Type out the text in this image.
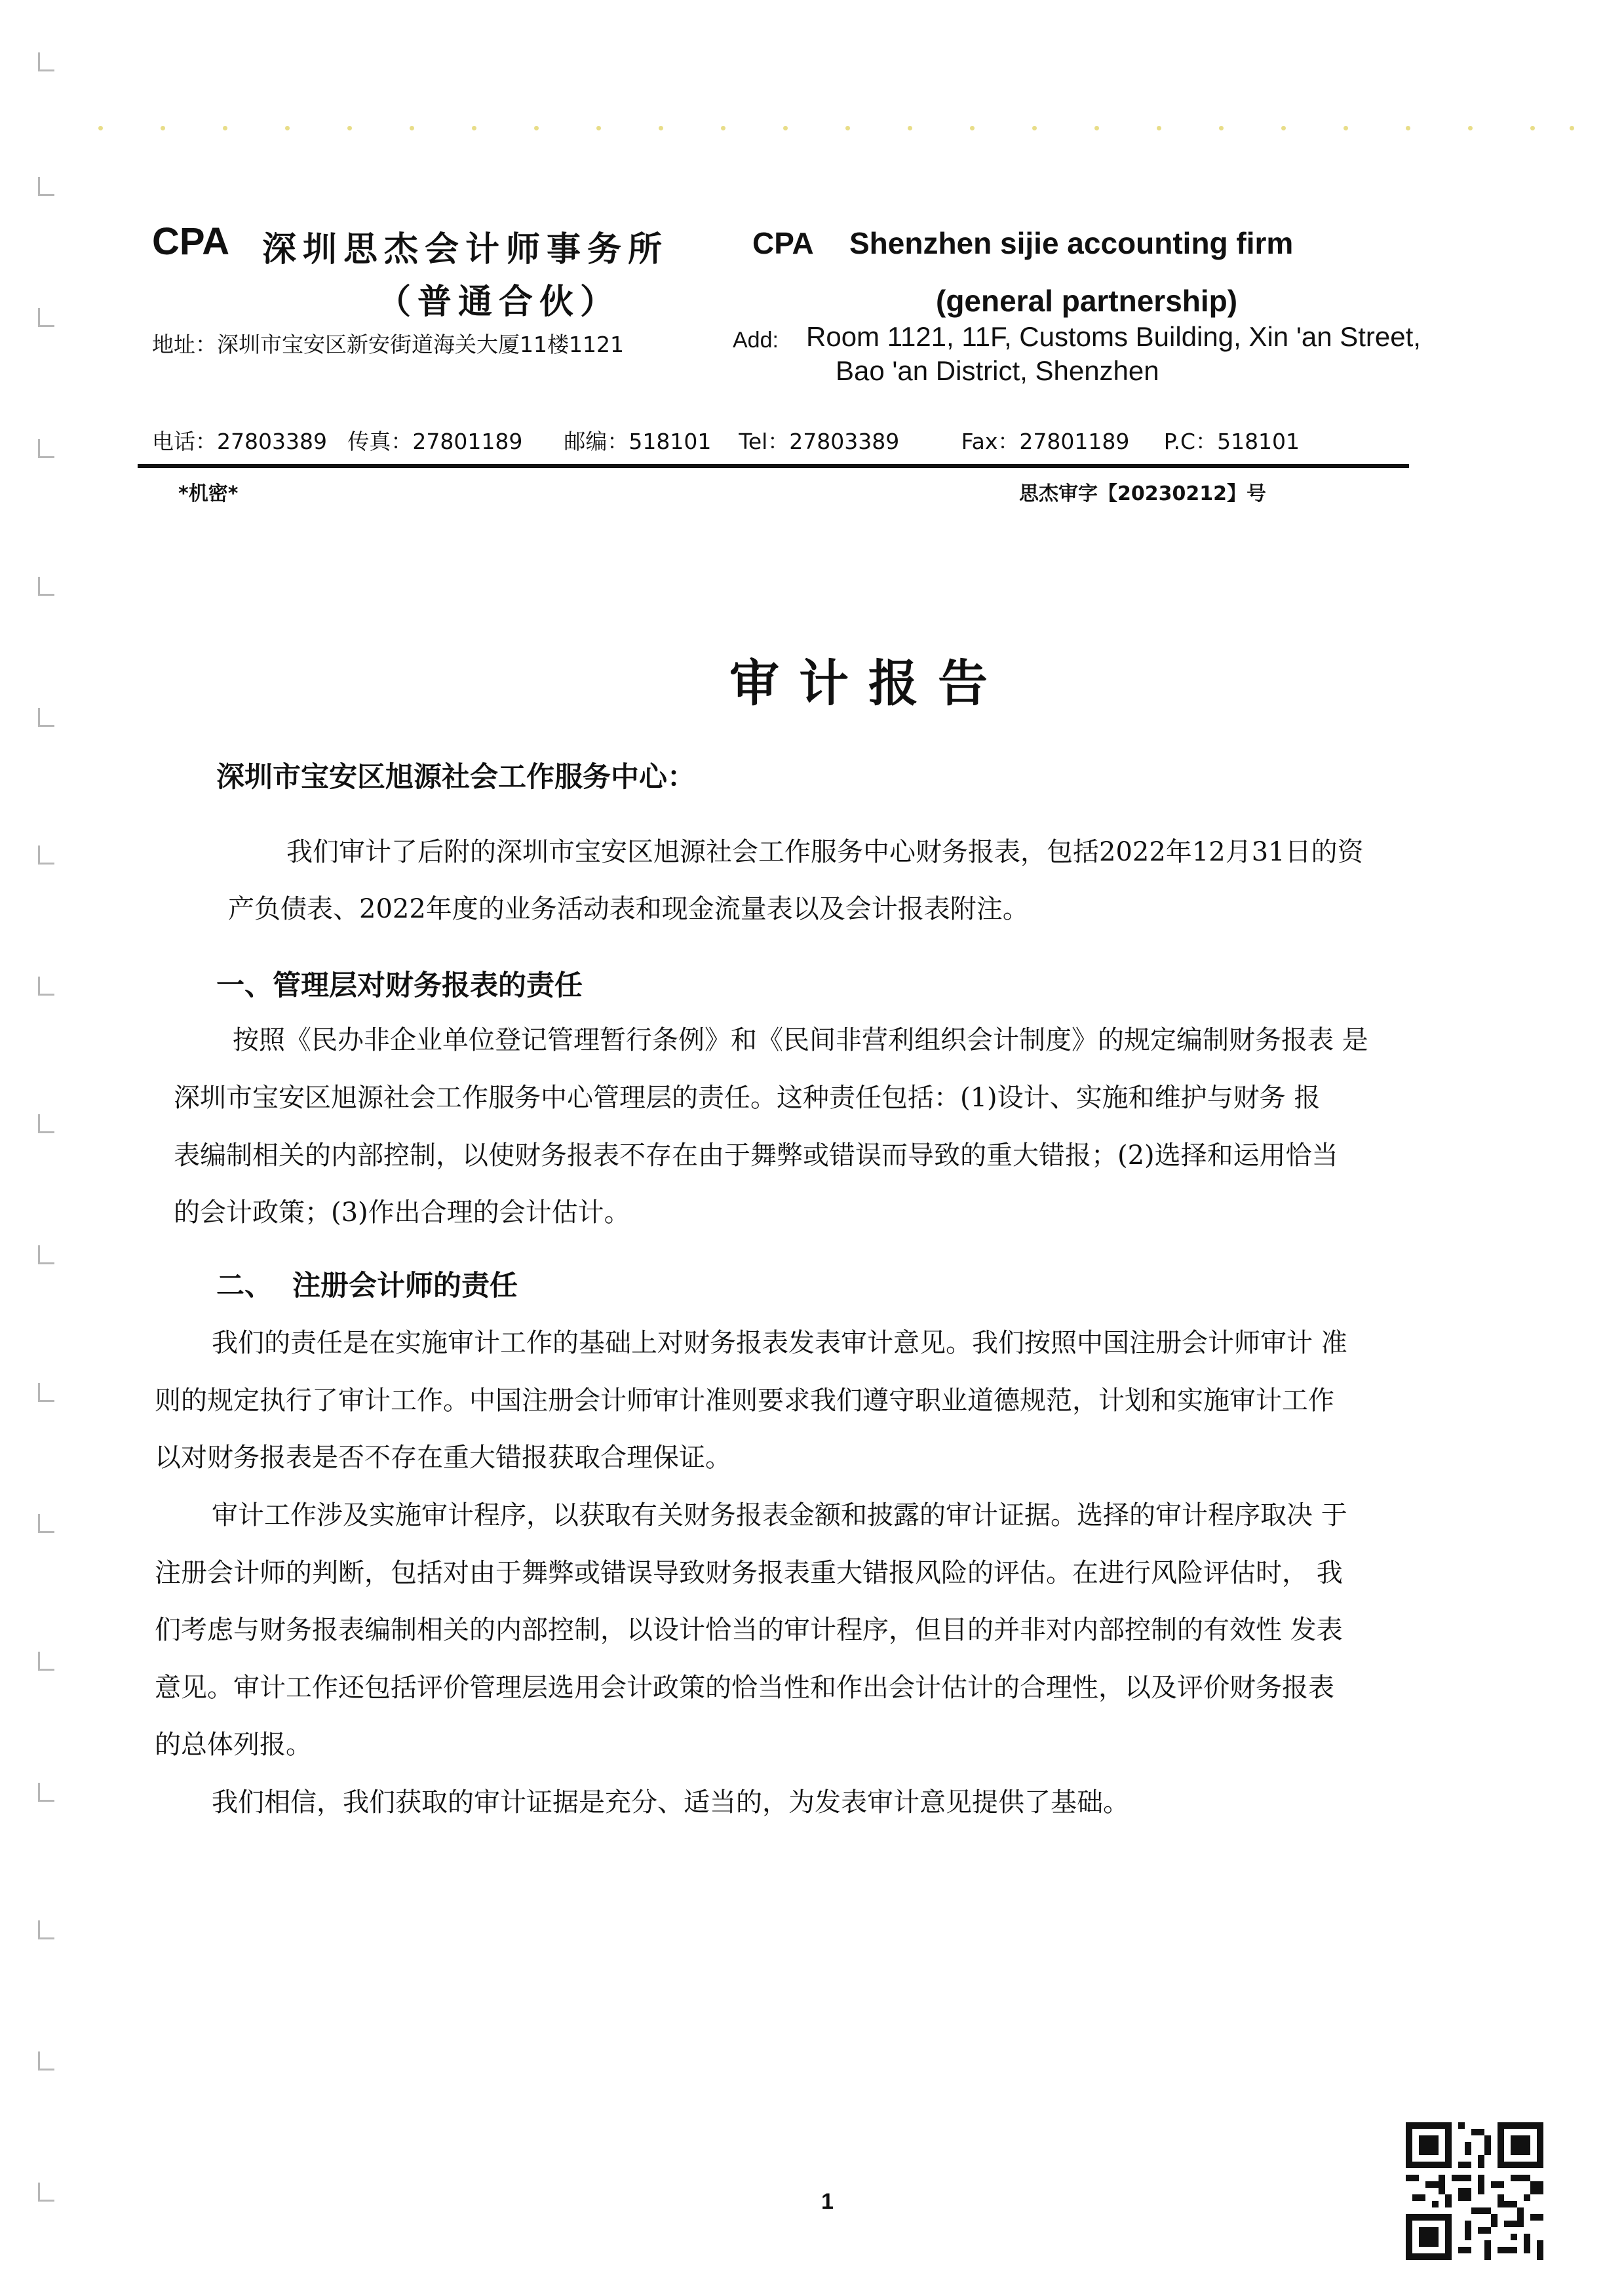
CPA 深圳思杰会计师事务所
（普通合伙）
CPA Shenzhen sijie accounting firm
(general partnership)
地址：深圳市宝安区新安街道海关大厦11楼1121	Add: Room 1121, 11F, Customs Building, Xin 'an Street,
Bao 'an District, Shenzhen
电话：27803389   传真：27801189      邮编：518101    Tel：27803389         Fax：27801189     P.C：518101
*机密*	思杰审字【20230212】号
审计报告
深圳市宝安区旭源社会工作服务中心：
我们审计了后附的深圳市宝安区旭源社会工作服务中心财务报表，包括2022年12月31日的资
产负债表、2022年度的业务活动表和现金流量表以及会计报表附注。
一、管理层对财务报表的责任
按照《民办非企业单位登记管理暂行条例》和《民间非营利组织会计制度》的规定编制财务报表 是
深圳市宝安区旭源社会工作服务中心管理层的责任。这种责任包括：(1)设计、实施和维护与财务 报
表编制相关的内部控制，以使财务报表不存在由于舞弊或错误而导致的重大错报；(2)选择和运用恰当
的会计政策；(3)作出合理的会计估计。
二、  注册会计师的责任
我们的责任是在实施审计工作的基础上对财务报表发表审计意见。我们按照中国注册会计师审计 准
则的规定执行了审计工作。中国注册会计师审计准则要求我们遵守职业道德规范，计划和实施审计工作
以对财务报表是否不存在重大错报获取合理保证。
审计工作涉及实施审计程序，以获取有关财务报表金额和披露的审计证据。选择的审计程序取决 于
注册会计师的判断，包括对由于舞弊或错误导致财务报表重大错报风险的评估。在进行风险评估时， 我
们考虑与财务报表编制相关的内部控制，以设计恰当的审计程序，但目的并非对内部控制的有效性 发表
意见。审计工作还包括评价管理层选用会计政策的恰当性和作出会计估计的合理性，以及评价财务报表
的总体列报。
我们相信，我们获取的审计证据是充分、适当的，为发表审计意见提供了基础。
1
